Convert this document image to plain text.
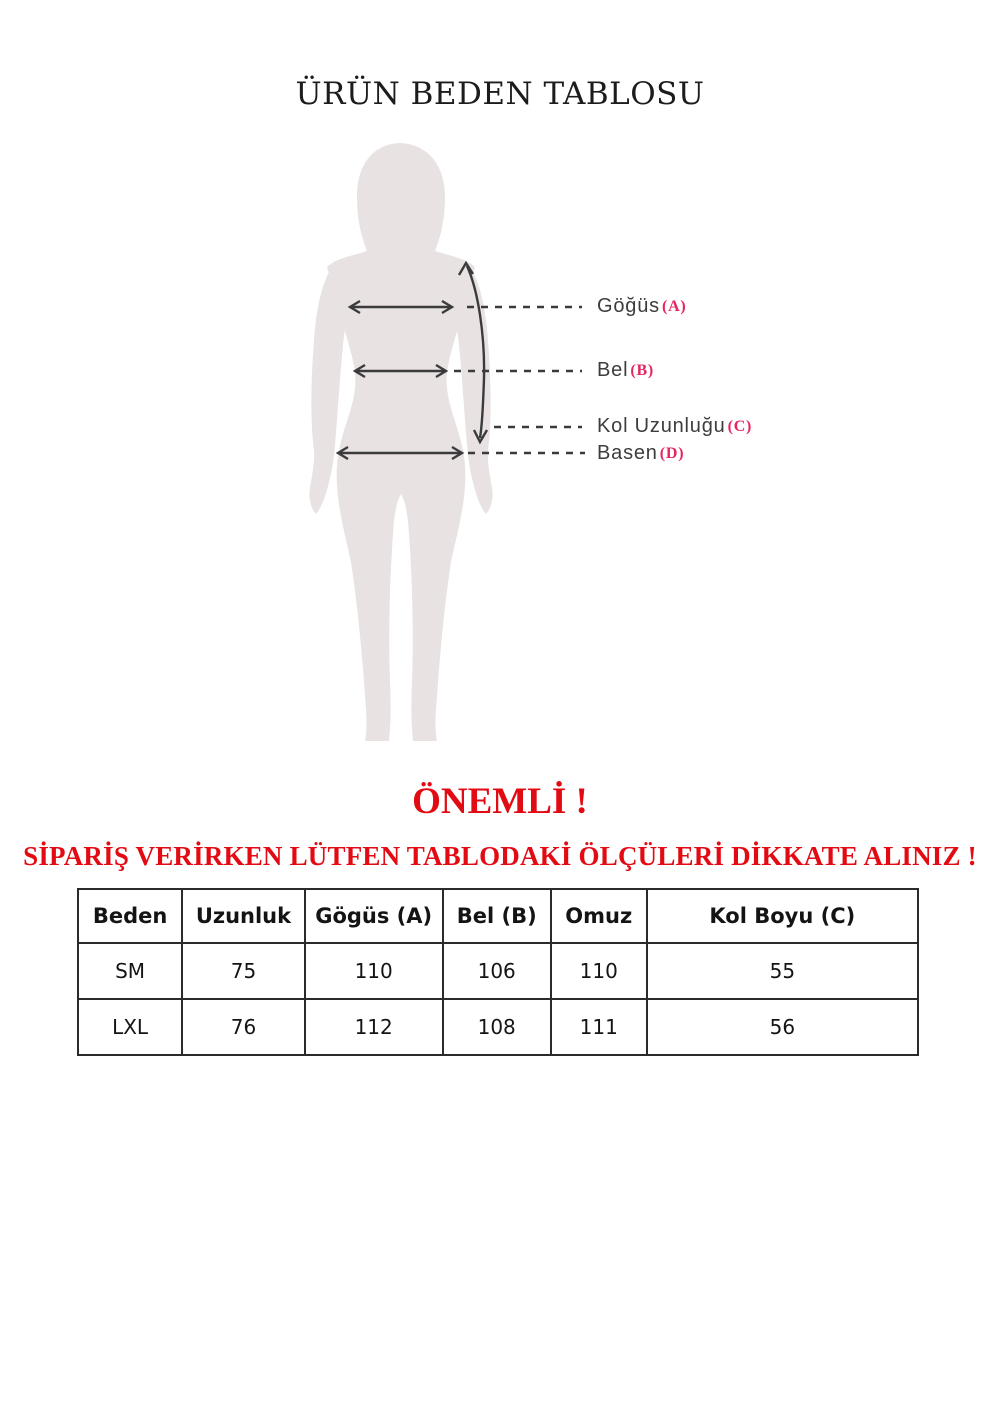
ÜRÜN BEDEN TABLOSU
Göğüs (A)
Bel (B)
Kol Uzunluğu (C)
Basen (D)
ÖNEMLİ !
SİPARİŞ VERİRKEN LÜTFEN TABLODAKİ ÖLÇÜLERİ DİKKATE ALINIZ !
Beden	Uzunluk	Gögüs (A)	Bel (B)	Omuz	Kol Boyu (C)
SM	75	110	106	110	55
LXL	76	112	108	111	56
